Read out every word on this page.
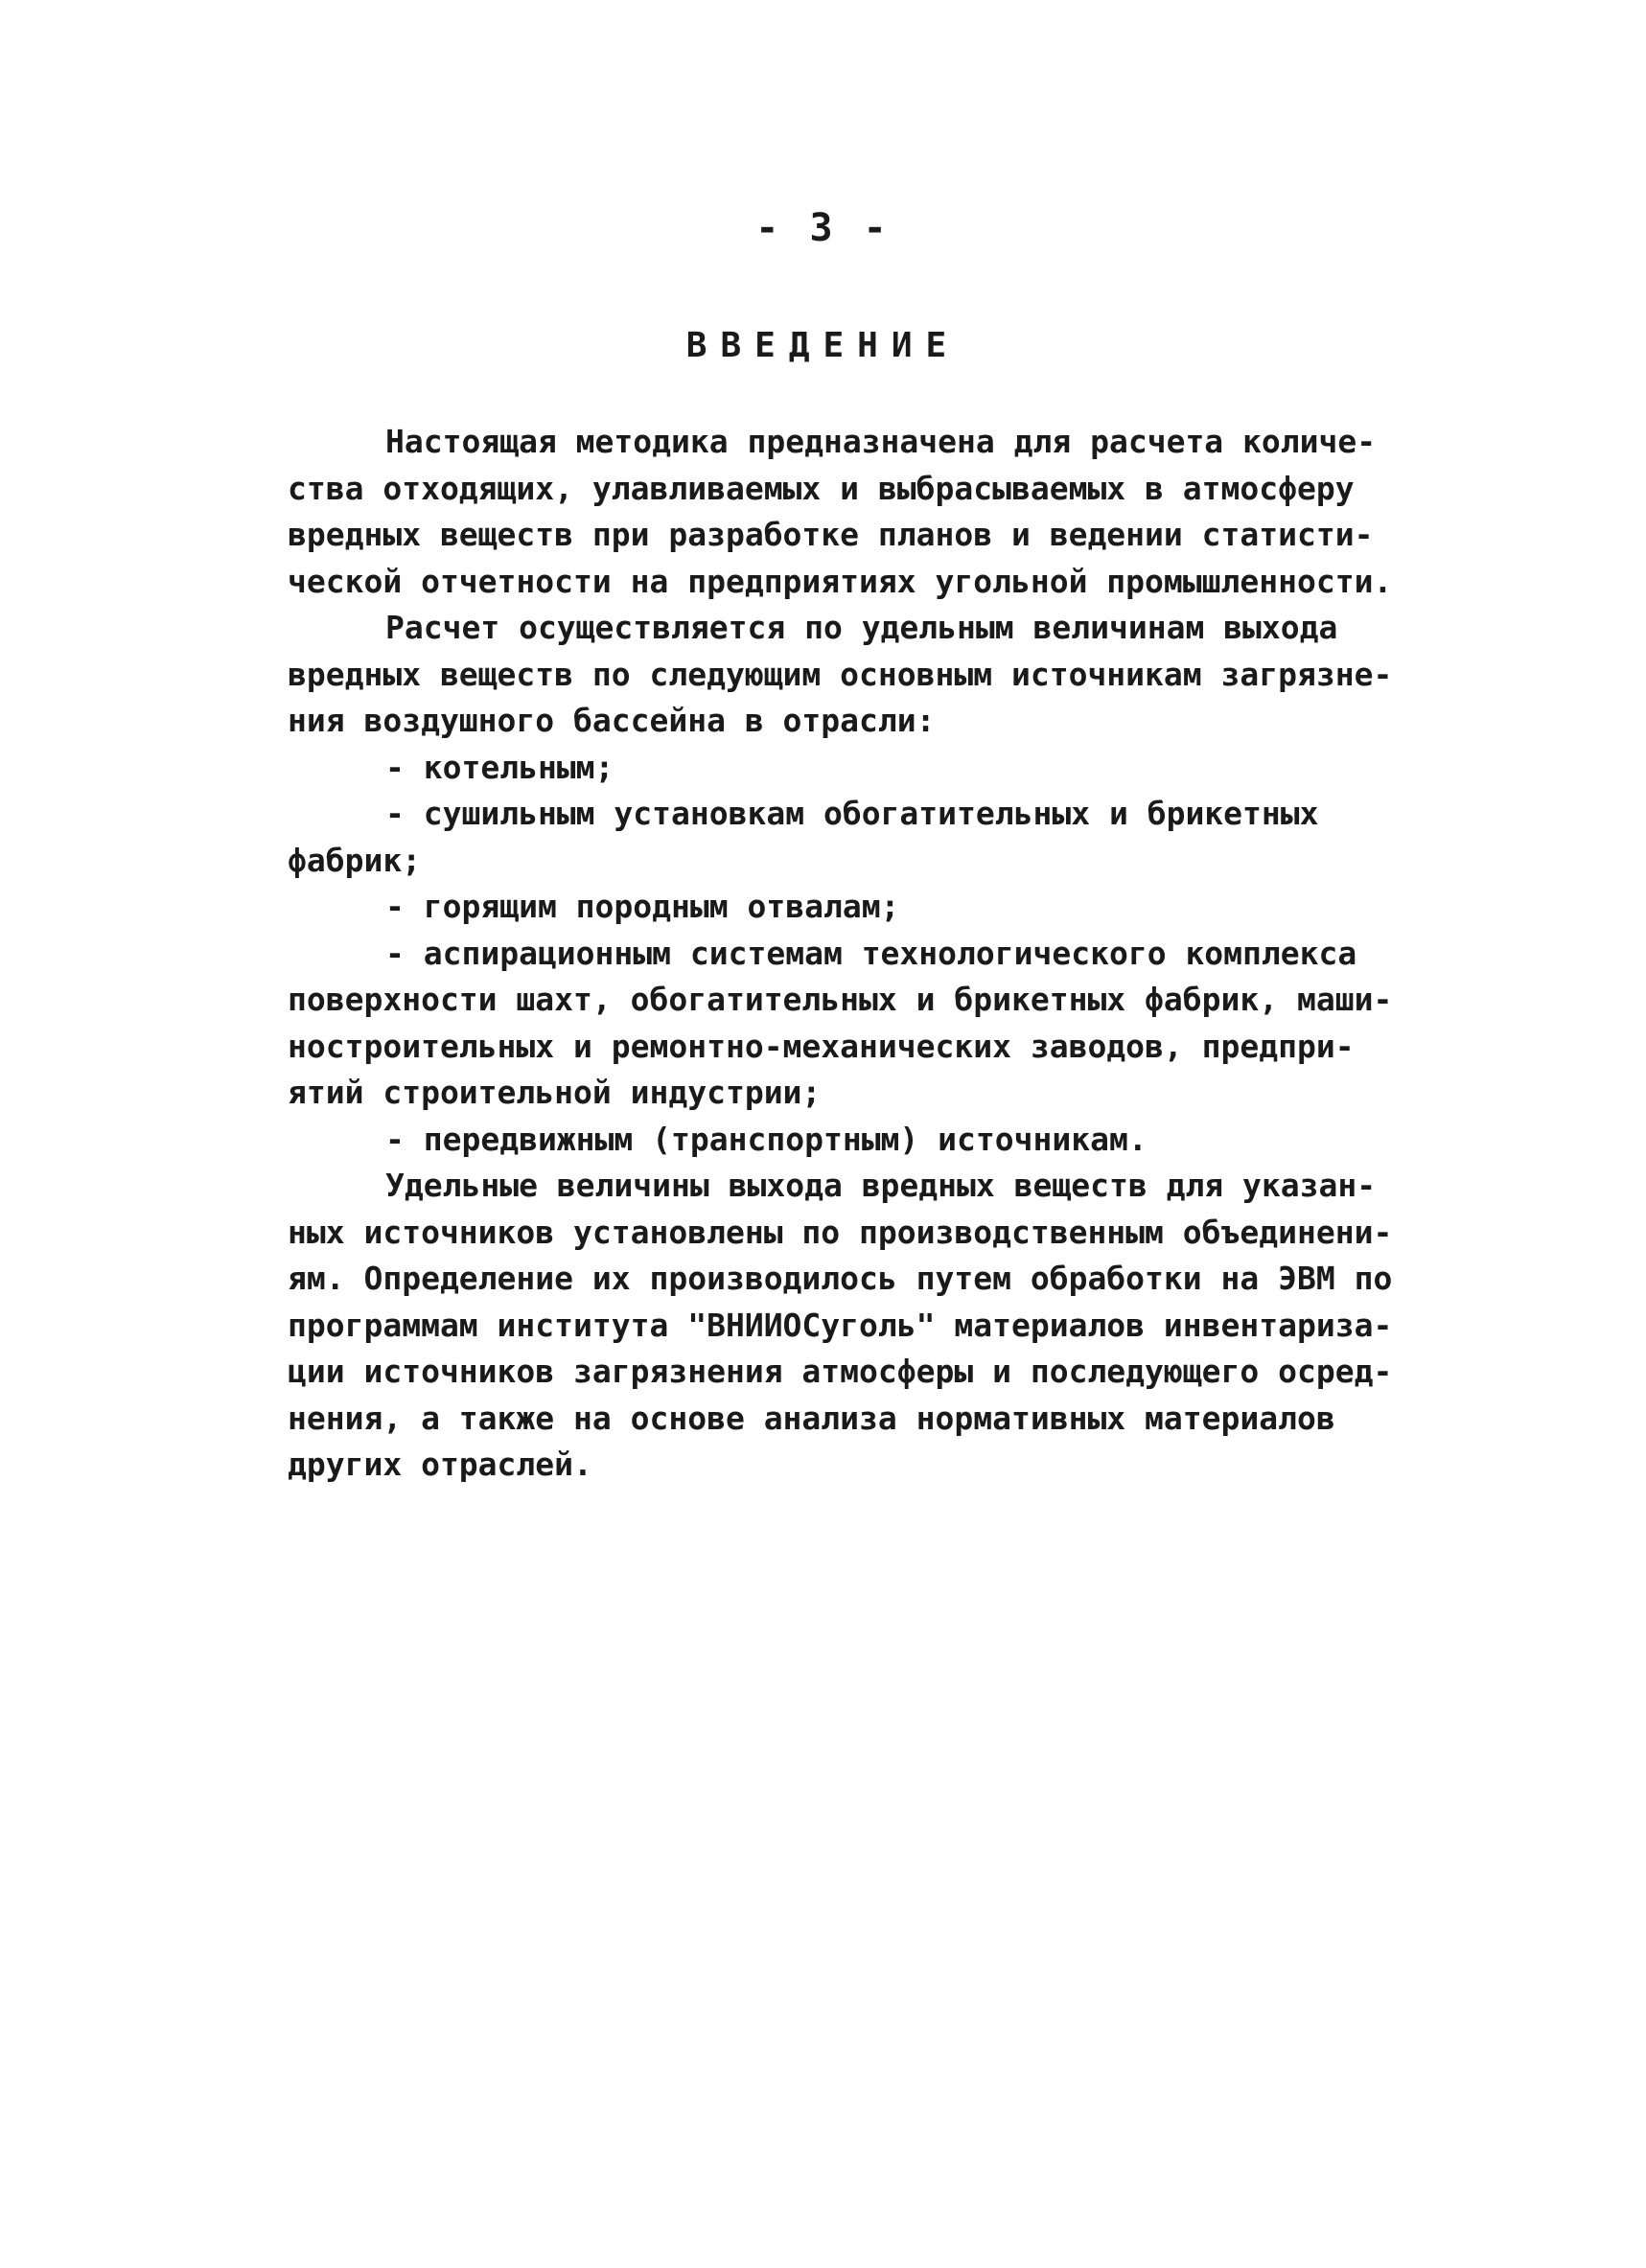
- 3 -
ВВЕДЕНИЕ
Настоящая методика предназначена для расчета количе-
ства отходящих, улавливаемых и выбрасываемых в атмосферу
вредных веществ при разработке планов и ведении статисти-
ческой отчетности на предприятиях угольной промышленности.
Расчет осуществляется по удельным величинам выхода
вредных веществ по следующим основным источникам загрязне-
ния воздушного бассейна в отрасли:
- котельным;
- сушильным установкам обогатительных и брикетных
фабрик;
- горящим породным отвалам;
- аспирационным системам технологического комплекса
поверхности шахт, обогатительных и брикетных фабрик, маши-
ностроительных и ремонтно-механических заводов, предпри-
ятий строительной индустрии;
- передвижным (транспортным) источникам.
Удельные величины выхода вредных веществ для указан-
ных источников установлены по производственным объединени-
ям. Определение их производилось путем обработки на ЭВМ по
программам института "ВНИИОСуголь" материалов инвентариза-
ции источников загрязнения атмосферы и последующего осред-
нения, а также на основе анализа нормативных материалов
других отраслей.
